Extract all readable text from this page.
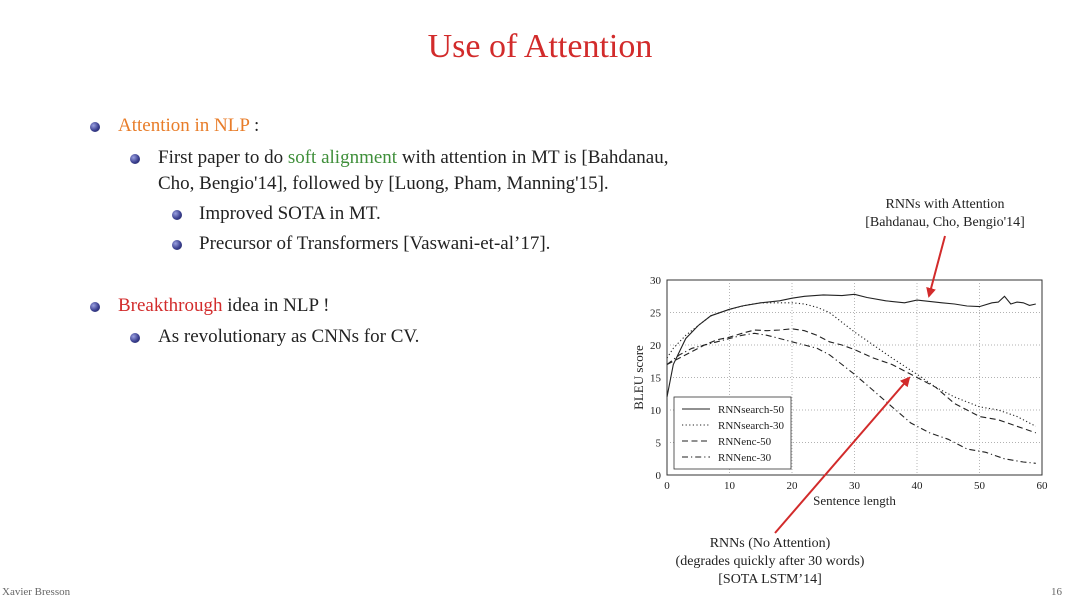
Use of Attention
Attention in NLP :
First paper to do soft alignment with attention in MT is [Bahdanau,
Cho, Bengio'14], followed by [Luong, Pham, Manning'15].
Improved SOTA in MT.
Precursor of Transformers [Vaswani-et-al’17].
Breakthrough idea in NLP !
As revolutionary as CNNs for CV.
RNNs with Attention
[Bahdanau, Cho, Bengio'14]
RNNs (No Attention)
(degrades quickly after 30 words)
[SOTA LSTM’14]
0	10	20	30	40	50	60
0
5
10
15
20
25
30
Sentence length
BLEU score
RNNsearch-50
RNNsearch-30
RNNenc-50
RNNenc-30
Xavier Bresson	16
